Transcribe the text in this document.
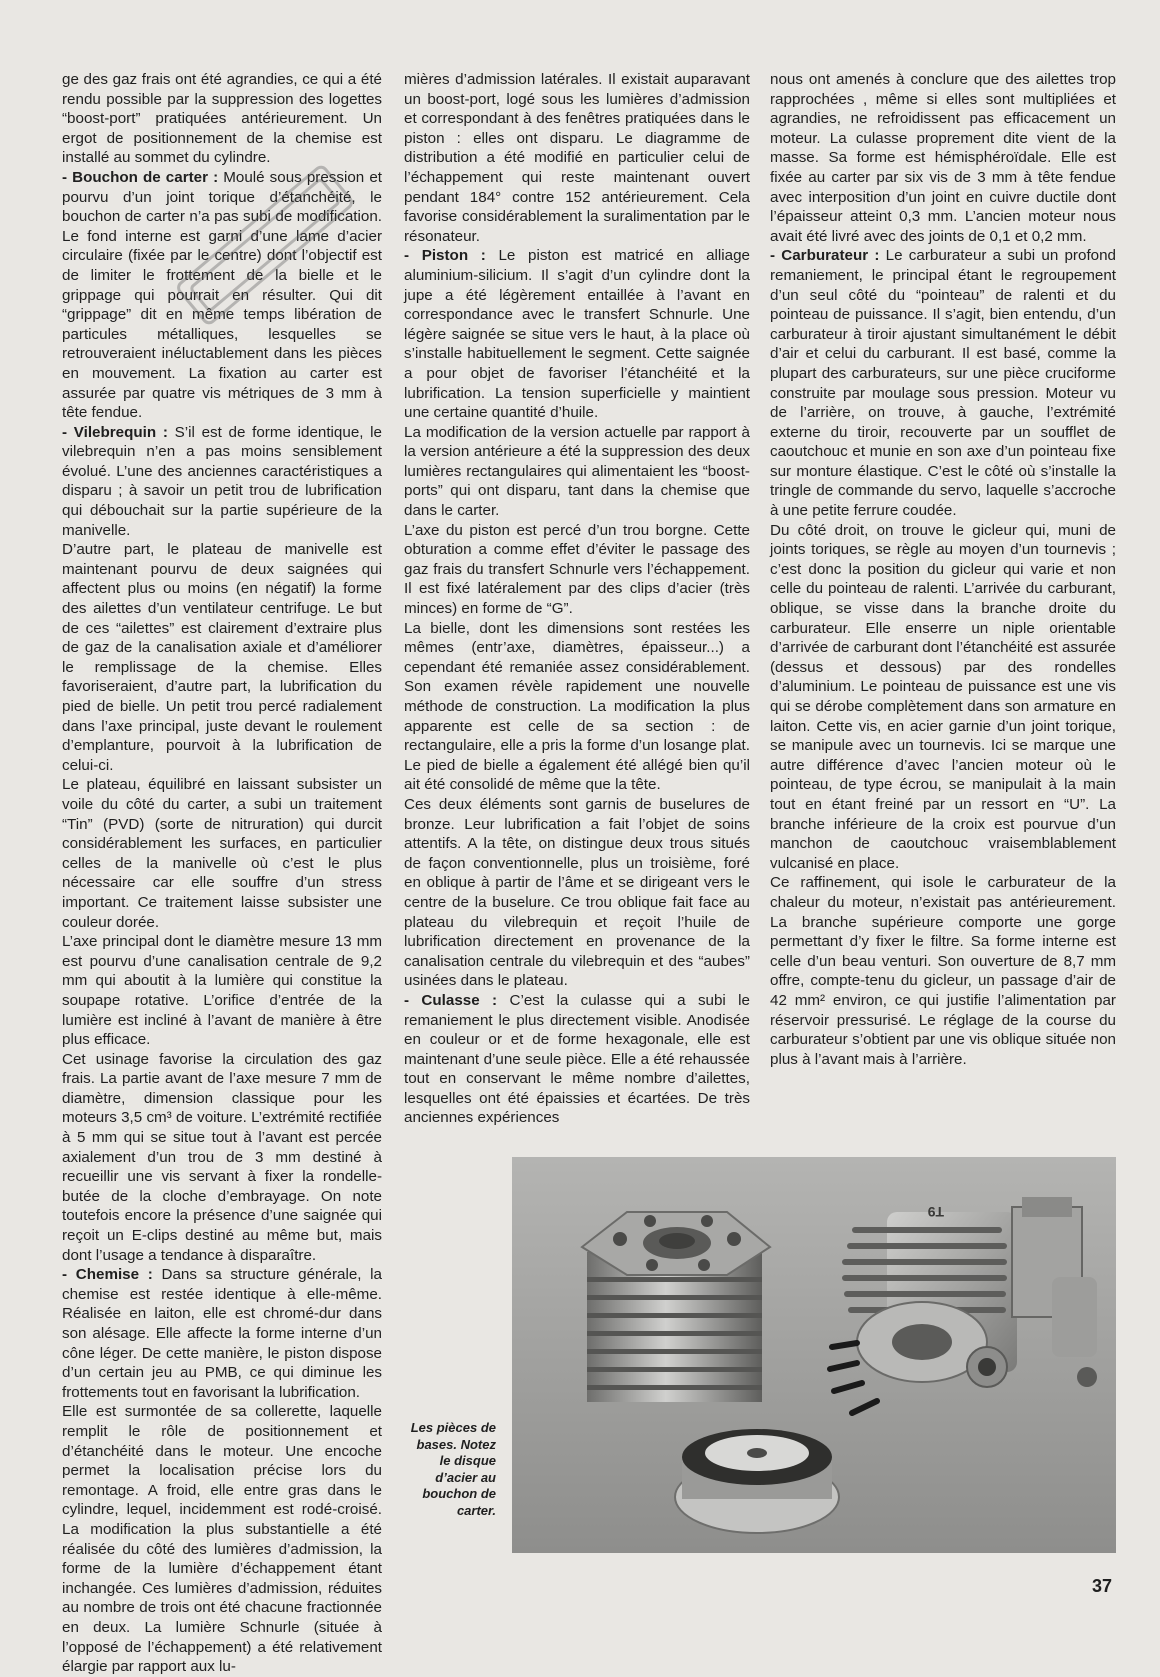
ge des gaz frais ont été agrandies, ce qui a été rendu possible par la suppression des logettes “boost-port” pratiquées antérieurement. Un ergot de positionnement de la chemise est installé au sommet du cylindre.

- Bouchon de carter : Moulé sous pression et pourvu d’un joint torique d’étanchéité, le bouchon de carter n’a pas subi de modification. Le fond interne est garni d’une lame d’acier circulaire (fixée par le centre) dont l’objectif est de limiter le frottement de la bielle et le grippage qui pourrait en résulter. Qui dit “grippage” dit en même temps libération de particules métalliques, lesquelles se retrouveraient inéluctablement dans les pièces en mouvement. La fixation au carter est assurée par quatre vis métriques de 3 mm à tête fendue.

- Vilebrequin : S’il est de forme identique, le vilebrequin n’en a pas moins sensiblement évolué. L’une des anciennes caractéristiques a disparu ; à savoir un petit trou de lubrification qui débouchait sur la partie supérieure de la manivelle.

D’autre part, le plateau de manivelle est maintenant pourvu de deux saignées qui affectent plus ou moins (en négatif) la forme des ailettes d’un ventilateur centrifuge. Le but de ces “ailettes” est clairement d’extraire plus de gaz de la canalisation axiale et d’améliorer le remplissage de la chemise. Elles favoriseraient, d’autre part, la lubrification du pied de bielle. Un petit trou percé radialement dans l’axe principal, juste devant le roulement d’emplanture, pourvoit à la lubrification de celui-ci.

Le plateau, équilibré en laissant subsister un voile du côté du carter, a subi un traitement “Tin” (PVD) (sorte de nitruration) qui durcit considérablement les surfaces, en particulier celles de la manivelle où c’est le plus nécessaire car elle souffre d’un stress important. Ce traitement laisse subsister une couleur dorée.

L’axe principal dont le diamètre mesure 13 mm est pourvu d’une canalisation centrale de 9,2 mm qui aboutit à la lumière qui constitue la soupape rotative. L’orifice d’entrée de la lumière est incliné à l’avant de manière à être plus efficace.

Cet usinage favorise la circulation des gaz frais. La partie avant de l’axe mesure 7 mm de diamètre, dimension classique pour les moteurs 3,5 cm³ de voiture. L’extrémité rectifiée à 5 mm qui se situe tout à l’avant est percée axialement d’un trou de 3 mm destiné à recueillir une vis servant à fixer la rondelle-butée de la cloche d’embrayage. On note toutefois encore la présence d’une saignée qui reçoit un E-clips destiné au même but, mais dont l’usage a tendance à disparaître.

- Chemise : Dans sa structure générale, la chemise est restée identique à elle-même. Réalisée en laiton, elle est chromé-dur dans son alésage. Elle affecte la forme interne d’un cône léger. De cette manière, le piston dispose d’un certain jeu au PMB, ce qui diminue les frottements tout en favorisant la lubrification.

Elle est surmontée de sa collerette, laquelle remplit le rôle de positionnement et d’étanchéité dans le moteur. Une encoche permet la localisation précise lors du remontage. A froid, elle entre gras dans le cylindre, lequel, incidemment est rodé-croisé. La modification la plus substantielle a été réalisée du côté des lumières d’admission, la forme de la lumière d’échappement étant inchangée. Ces lumières d’admission, réduites au nombre de trois ont été chacune fractionnée en deux. La lumière Schnurle (située à l’opposé de l’échappement) a été relativement élargie par rapport aux lu-

mières d’admission latérales. Il existait auparavant un boost-port, logé sous les lumières d’admission et correspondant à des fenêtres pratiquées dans le piston : elles ont disparu. Le diagramme de distribution a été modifié en particulier celui de l’échappement qui reste maintenant ouvert pendant 184° contre 152 antérieurement. Cela favorise considérablement la suralimentation par le résonateur.

- Piston : Le piston est matricé en alliage aluminium-silicium. Il s’agit d’un cylindre dont la jupe a été légèrement entaillée à l’avant en correspondance avec le transfert Schnurle. Une légère saignée se situe vers le haut, à la place où s’installe habituellement le segment. Cette saignée a pour objet de favoriser l’étanchéité et la lubrification. La tension superficielle y maintient une certaine quantité d’huile.

La modification de la version actuelle par rapport à la version antérieure a été la suppression des deux lumières rectangulaires qui alimentaient les “boost-ports” qui ont disparu, tant dans la chemise que dans le carter.

L’axe du piston est percé d’un trou borgne. Cette obturation a comme effet d’éviter le passage des gaz frais du transfert Schnurle vers l’échappement. Il est fixé latéralement par des clips d’acier (très minces) en forme de “G”.

La bielle, dont les dimensions sont restées les mêmes (entr’axe, diamètres, épaisseur...) a cependant été remaniée assez considérablement. Son examen révèle rapidement une nouvelle méthode de construction. La modification la plus apparente est celle de sa section : de rectangulaire, elle a pris la forme d’un losange plat. Le pied de bielle a également été allégé bien qu’il ait été consolidé de même que la tête.

Ces deux éléments sont garnis de buselures de bronze. Leur lubrification a fait l’objet de soins attentifs. A la tête, on distingue deux trous situés de façon conventionnelle, plus un troisième, foré en oblique à partir de l’âme et se dirigeant vers le centre de la buselure. Ce trou oblique fait face au plateau du vilebrequin et reçoit l’huile de lubrification directement en provenance de la canalisation centrale du vilebrequin et des “aubes” usinées dans le plateau.

- Culasse : C’est la culasse qui a subi le remaniement le plus directement visible. Anodisée en couleur or et de forme hexagonale, elle est maintenant d’une seule pièce. Elle a été rehaussée tout en conservant le même nombre d’ailettes, lesquelles ont été épaissies et écartées. De très anciennes expériences

nous ont amenés à conclure que des ailettes trop rapprochées , même si elles sont multipliées et agrandies, ne refroidissent pas efficacement un moteur. La culasse proprement dite vient de la masse. Sa forme est hémisphéroïdale. Elle est fixée au carter par six vis de 3 mm à tête fendue avec interposition d’un joint en cuivre ductile dont l’épaisseur atteint 0,3 mm. L’ancien moteur nous avait été livré avec des joints de 0,1 et 0,2 mm.

- Carburateur : Le carburateur a subi un profond remaniement, le principal étant le regroupement d’un seul côté du “pointeau” de ralenti et du pointeau de puissance. Il s’agit, bien entendu, d’un carburateur à tiroir ajustant simultanément le débit d’air et celui du carburant. Il est basé, comme la plupart des carburateurs, sur une pièce cruciforme construite par moulage sous pression. Moteur vu de l’arrière, on trouve, à gauche, l’extrémité externe du tiroir, recouverte par un soufflet de caoutchouc et munie en son axe d’un pointeau fixe sur monture élastique. C’est le côté où s’installe la tringle de commande du servo, laquelle s’accroche à une petite ferrure coudée.

Du côté droit, on trouve le gicleur qui, muni de joints toriques, se règle au moyen d’un tournevis ; c’est donc la position du gicleur qui varie et non celle du pointeau de ralenti. L’arrivée du carburant, oblique, se visse dans la branche droite du carburateur. Elle enserre un niple orientable d’arrivée de carburant dont l’étanchéité est assurée (dessus et dessous) par des rondelles d’aluminium. Le pointeau de puissance est une vis qui se dérobe complètement dans son armature en laiton. Cette vis, en acier garnie d’un joint torique, se manipule avec un tournevis. Ici se marque une autre différence d’avec l’ancien moteur où le pointeau, de type écrou, se manipulait à la main tout en étant freiné par un ressort en “U”. La branche inférieure de la croix est pourvue d’un manchon de caoutchouc vraisemblablement vulcanisé en place.

Ce raffinement, qui isole le carburateur de la chaleur du moteur, n’existait pas antérieurement. La branche supérieure comporte une gorge permettant d’y fixer le filtre. Sa forme interne est celle d’un beau venturi. Son ouverture de 8,7 mm offre, compte-tenu du gicleur, un passage d’air de 42 mm² environ, ce qui justifie l’alimentation par réservoir pressurisé. Le réglage de la course du carburateur s’obtient par une vis oblique située non plus à l’avant mais à l’arrière.

T9
Les pièces de bases. Notez le disque d’acier au bouchon de carter.
37
